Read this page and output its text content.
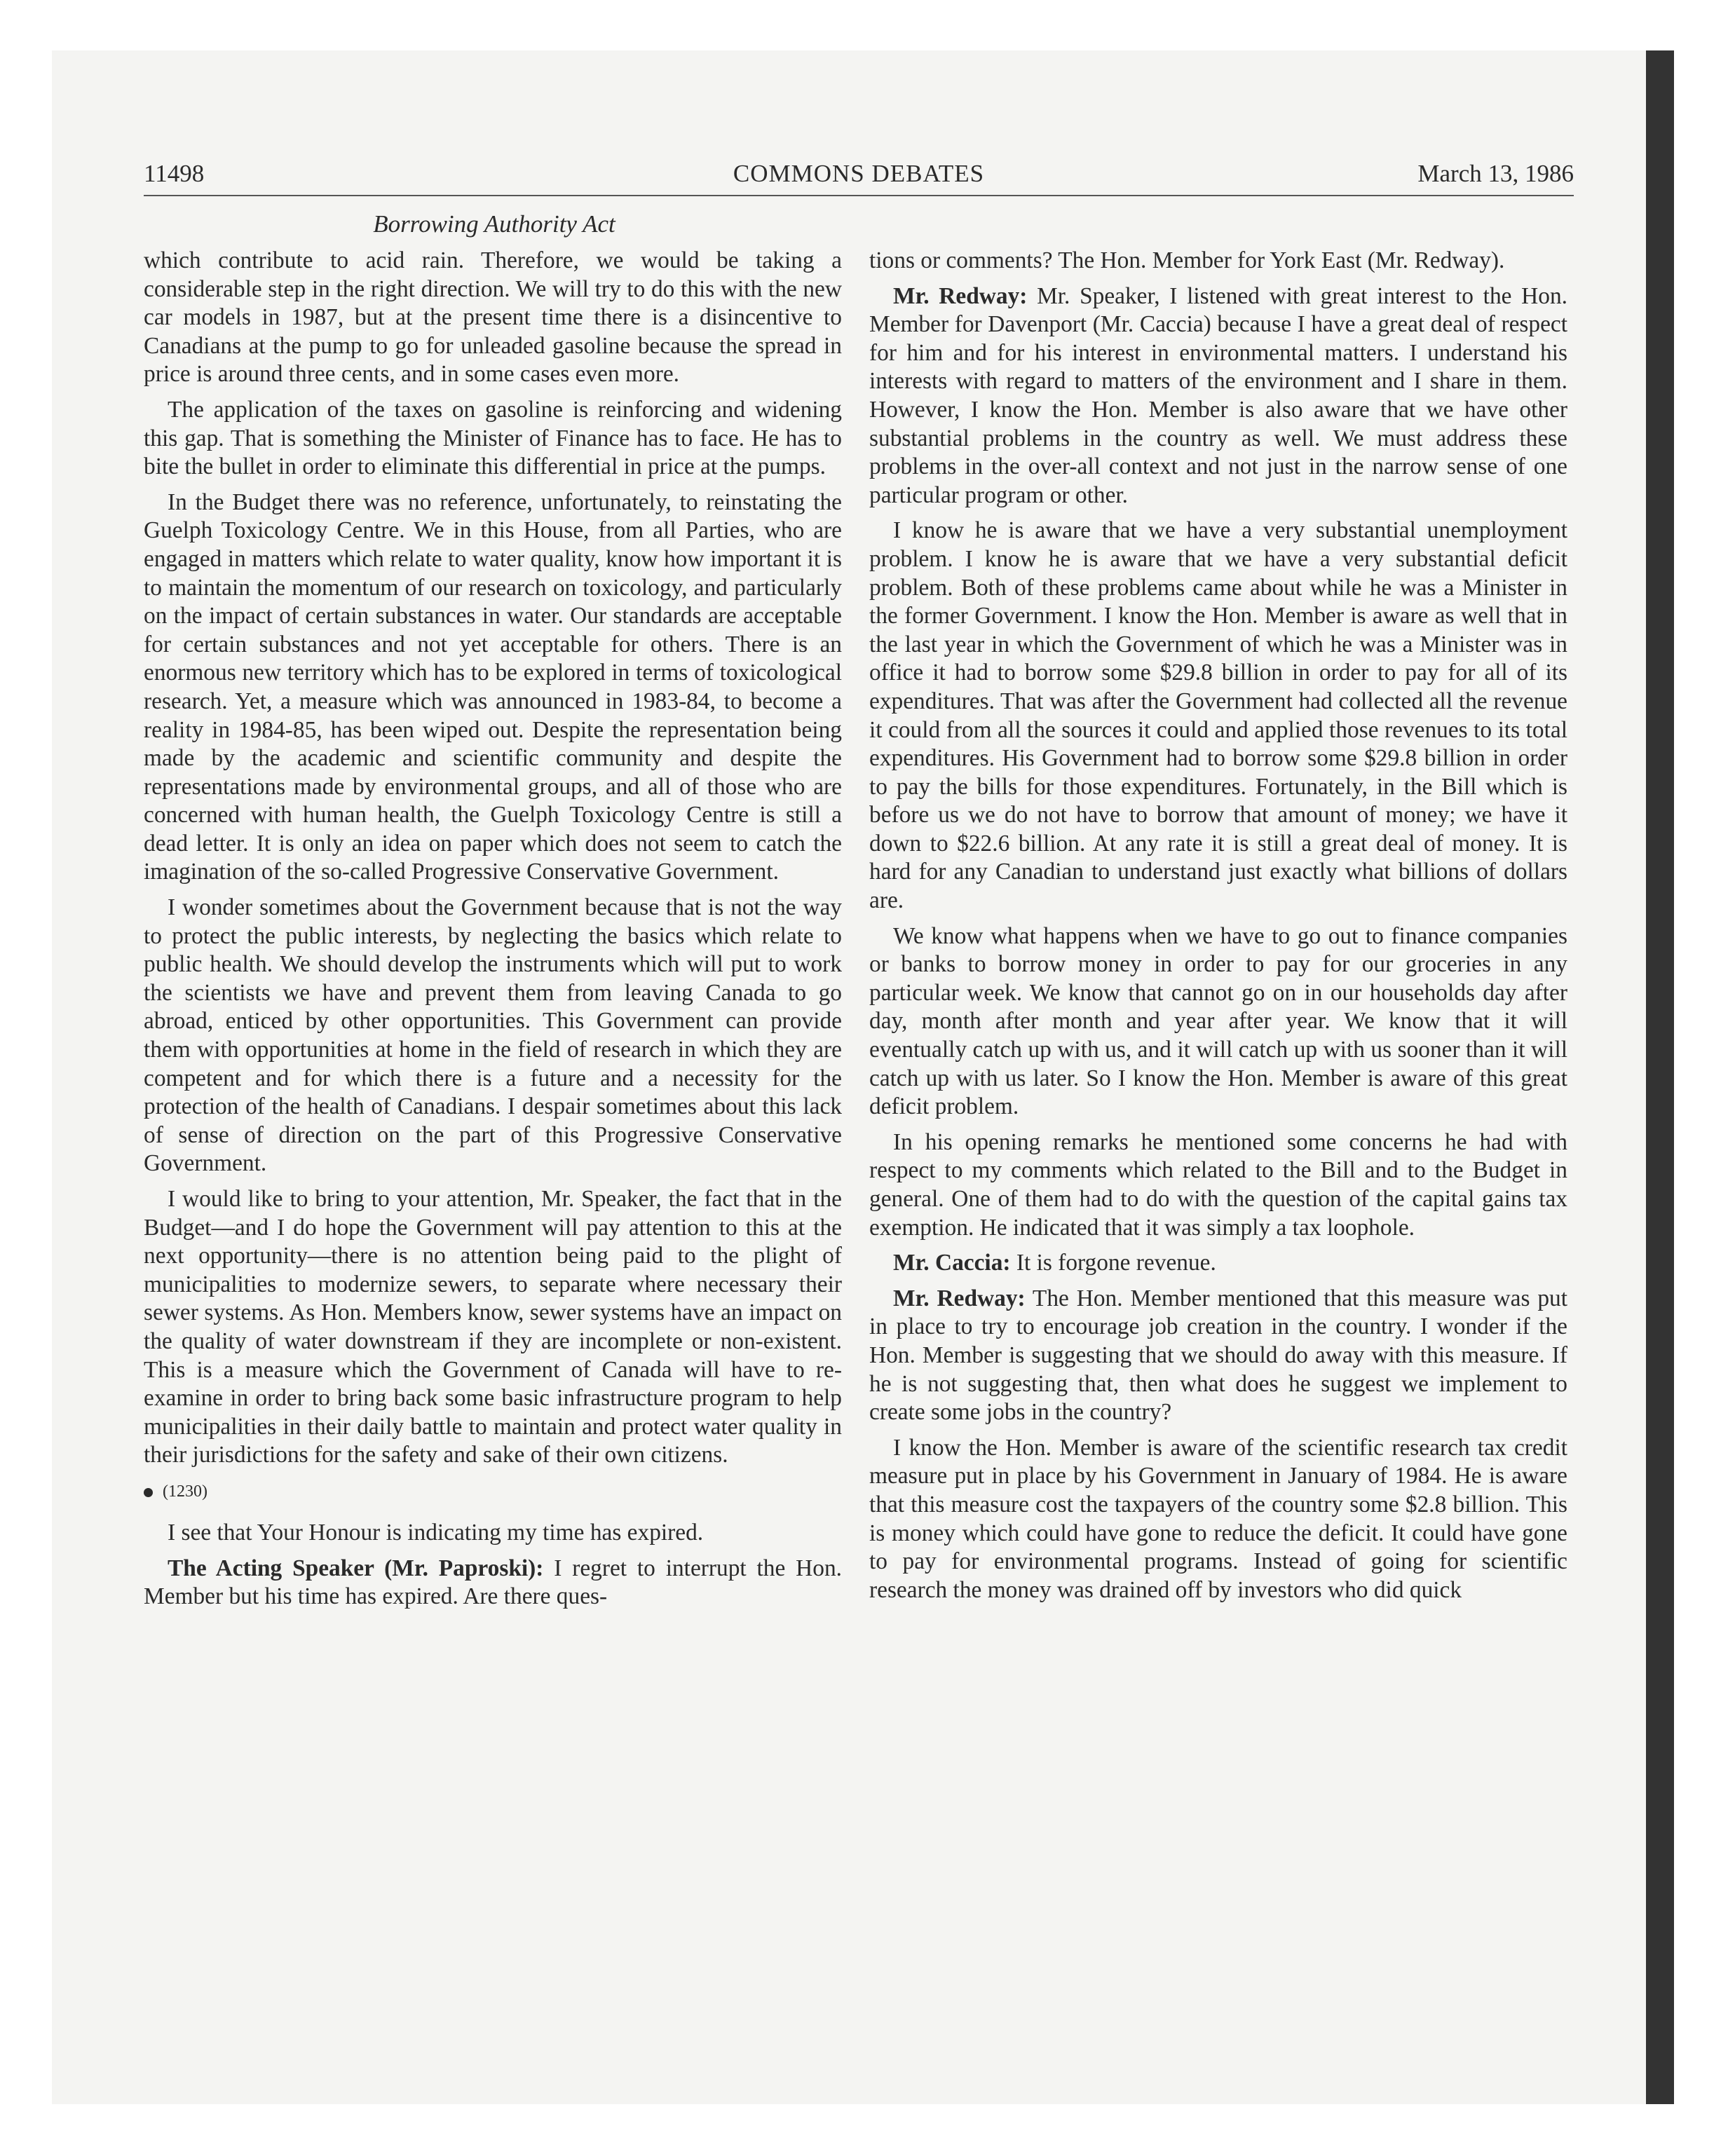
11498	COMMONS DEBATES	March 13, 1986
Borrowing Authority Act

which contribute to acid rain. Therefore, we would be taking a considerable step in the right direction. We will try to do this with the new car models in 1987, but at the present time there is a disincentive to Canadians at the pump to go for unleaded gasoline because the spread in price is around three cents, and in some cases even more.

The application of the taxes on gasoline is reinforcing and widening this gap. That is something the Minister of Finance has to face. He has to bite the bullet in order to eliminate this differential in price at the pumps.

In the Budget there was no reference, unfortunately, to reinstating the Guelph Toxicology Centre. We in this House, from all Parties, who are engaged in matters which relate to water quality, know how important it is to maintain the momentum of our research on toxicology, and particularly on the impact of certain substances in water. Our standards are acceptable for certain substances and not yet acceptable for others. There is an enormous new territory which has to be explored in terms of toxicological research. Yet, a measure which was announced in 1983-84, to become a reality in 1984-85, has been wiped out. Despite the representation being made by the academic and scientific community and despite the representations made by environmental groups, and all of those who are concerned with human health, the Guelph Toxicology Centre is still a dead letter. It is only an idea on paper which does not seem to catch the imagination of the so-called Progressive Conservative Government.

I wonder sometimes about the Government because that is not the way to protect the public interests, by neglecting the basics which relate to public health. We should develop the instruments which will put to work the scientists we have and prevent them from leaving Canada to go abroad, enticed by other opportunities. This Government can provide them with opportunities at home in the field of research in which they are competent and for which there is a future and a necessity for the protection of the health of Canadians. I despair sometimes about this lack of sense of direction on the part of this Progressive Conservative Government.

I would like to bring to your attention, Mr. Speaker, the fact that in the Budget—and I do hope the Government will pay attention to this at the next opportunity—there is no attention being paid to the plight of municipalities to modernize sewers, to separate where necessary their sewer systems. As Hon. Members know, sewer systems have an impact on the quality of water downstream if they are incomplete or non-existent. This is a measure which the Government of Canada will have to re-examine in order to bring back some basic infrastructure program to help municipalities in their daily battle to maintain and protect water quality in their jurisdictions for the safety and sake of their own citizens.

(1230)

I see that Your Honour is indicating my time has expired.

The Acting Speaker (Mr. Paproski): I regret to interrupt the Hon. Member but his time has expired. Are there ques-

tions or comments? The Hon. Member for York East (Mr. Redway).

Mr. Redway: Mr. Speaker, I listened with great interest to the Hon. Member for Davenport (Mr. Caccia) because I have a great deal of respect for him and for his interest in environmental matters. I understand his interests with regard to matters of the environment and I share in them. However, I know the Hon. Member is also aware that we have other substantial problems in the country as well. We must address these problems in the over-all context and not just in the narrow sense of one particular program or other.

I know he is aware that we have a very substantial unemployment problem. I know he is aware that we have a very substantial deficit problem. Both of these problems came about while he was a Minister in the former Government. I know the Hon. Member is aware as well that in the last year in which the Government of which he was a Minister was in office it had to borrow some $29.8 billion in order to pay for all of its expenditures. That was after the Government had collected all the revenue it could from all the sources it could and applied those revenues to its total expenditures. His Government had to borrow some $29.8 billion in order to pay the bills for those expenditures. Fortunately, in the Bill which is before us we do not have to borrow that amount of money; we have it down to $22.6 billion. At any rate it is still a great deal of money. It is hard for any Canadian to understand just exactly what billions of dollars are.

We know what happens when we have to go out to finance companies or banks to borrow money in order to pay for our groceries in any particular week. We know that cannot go on in our households day after day, month after month and year after year. We know that it will eventually catch up with us, and it will catch up with us sooner than it will catch up with us later. So I know the Hon. Member is aware of this great deficit problem.

In his opening remarks he mentioned some concerns he had with respect to my comments which related to the Bill and to the Budget in general. One of them had to do with the question of the capital gains tax exemption. He indicated that it was simply a tax loophole.

Mr. Caccia: It is forgone revenue.

Mr. Redway: The Hon. Member mentioned that this measure was put in place to try to encourage job creation in the country. I wonder if the Hon. Member is suggesting that we should do away with this measure. If he is not suggesting that, then what does he suggest we implement to create some jobs in the country?

I know the Hon. Member is aware of the scientific research tax credit measure put in place by his Government in January of 1984. He is aware that this measure cost the taxpayers of the country some $2.8 billion. This is money which could have gone to reduce the deficit. It could have gone to pay for environmental programs. Instead of going for scientific research the money was drained off by investors who did quick
